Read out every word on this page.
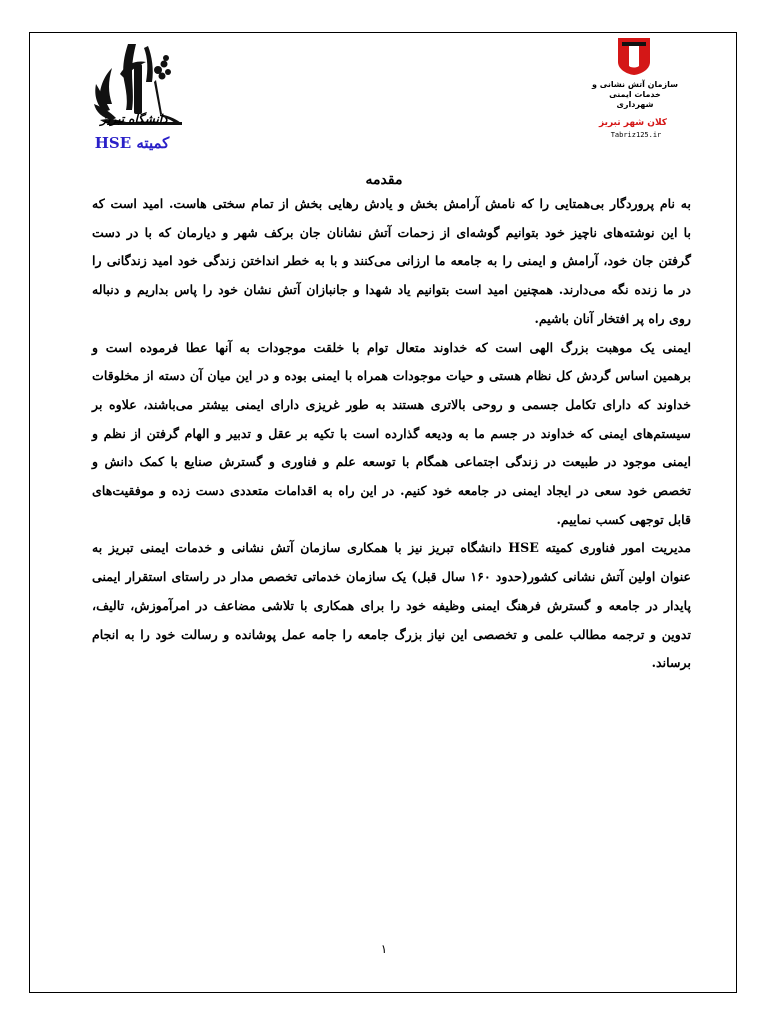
دانشگاه تبریز
کمیته HSE
سازمان آتش نشانی و خدمات ایمنی شهرداری
کلان شهر تبریز
Tabriz125.ir
مقدمه

به نام پروردگار بی‌همتایی را که نامش آرامش بخش و یادش رهایی بخش از تمام سختی هاست. امید است که
با این نوشته‌های ناچیز خود بتوانیم گوشه‌ای از زحمات آتش نشانان جان برکف شهر و دیارمان که با در دست
گرفتن جان خود، آرامش و ایمنی را به جامعه ما ارزانی می‌کنند و با به خطر انداختن زندگی خود امید زندگانی را
در ما زنده نگه می‌دارند. همچنین امید است بتوانیم یاد شهدا و جانبازان آتش نشان خود را پاس بداریم و دنباله
روی راه پر افتخار آنان باشیم.

ایمنی یک موهبت بزرگ الهی است که خداوند متعال توام با خلقت موجودات به آنها عطا فرموده است و
برهمین اساس گردش کل نظام هستی و حیات موجودات همراه با ایمنی بوده و در این میان آن دسته از مخلوقات
خداوند که دارای تکامل جسمی و روحی بالاتری هستند به طور غریزی دارای ایمنی بیشتر می‌باشند، علاوه بر
سیستم‌های ایمنی که خداوند در جسم ما به ودیعه گذارده است با تکیه بر عقل و تدبیر و الهام گرفتن از نظم و
ایمنی موجود در طبیعت در زندگی اجتماعی همگام با توسعه علم و فناوری و گسترش صنایع با کمک دانش و
تخصص خود سعی در ایجاد ایمنی در جامعه خود کنیم. در این راه به اقدامات متعددی دست زده و موفقیت‌های
قابل توجهی کسب نماییم.

مدیریت امور فناوری کمیته HSE دانشگاه تبریز نیز با همکاری سازمان آتش نشانی و خدمات ایمنی تبریز به
عنوان اولین آتش نشانی کشور(حدود ۱۶۰ سال قبل) یک سازمان خدماتی تخصص مدار در راستای استقرار ایمنی
پایدار در جامعه و گسترش فرهنگ ایمنی وظیفه خود را برای همکاری با تلاشی مضاعف در امرآموزش، تالیف،
تدوین و ترجمه مطالب علمی و تخصصی این نیاز بزرگ جامعه را جامه عمل پوشانده و رسالت خود را به انجام
برساند.

۱
